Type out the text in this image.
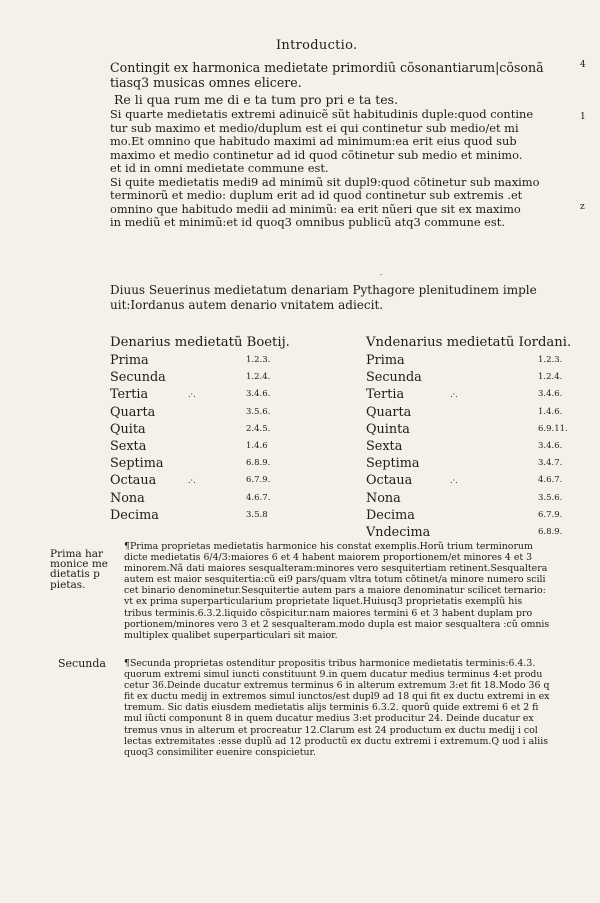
Introductio.
Contingit ex harmonica medietate primordiũ cõsonantiarum|cõsonã
tiasq3 musicas omnes elicere.
Re li qua rum me di e ta tum pro pri e ta tes.
Si quarte medietatis extremi adinuicẽ sũt habitudinis duple:quod contine
tur sub maximo et medio/duplum est ei qui continetur sub medio/et mi
mo.Et omnino que habitudo maximi ad minimum:ea erit eius quod sub
maximo et medio continetur ad id quod cõtinetur sub medio et minimo.
et id in omni medietate commune est.
Si quite medietatis medi9 ad minimũ sit dupl9:quod cõtinetur sub maximo
terminorũ et medio: duplum erit ad id quod continetur sub extremis .et
omnino que habitudo medii ad minimũ: ea erit nũeri que sit ex maximo
in mediũ et minimũ:et id quoq3 omnibus publicũ atq3 commune est.
4
1
z
·
Diuus Seuerinus medietatum denariam Pythagore plenitudinem imple
uit:Iordanus autem denario vnitatem adiecit.
Denarius medietatũ Boetij.
Prima	1.2.3.
Secunda	1.2.4.
Tertia	.·.	3.4.6.
Quarta	3.5.6.
Quita	2.4.5.
Sexta	1.4.6
Septima	6.8.9.
Octaua	.·.	6.7.9.
Nona	4.6.7.
Decima	3.5.8
Vndenarius medietatũ Iordani.
Prima	1.2.3.
Secunda	1.2.4.
Tertia	.·.	3.4.6.
Quarta	1.4.6.
Quinta	6.9.11.
Sexta	3.4.6.
Septima	3.4.7.
Octaua	.·.	4.6.7.
Nona	3.5.6.
Decima	6.7.9.
Vndecima	6.8.9.
Prima har monice me dietatis p pietas.
¶Prima proprietas medietatis harmonice his constat exemplis.Horũ trium terminorum
dicte medietatis 6/4/3:maiores 6 et 4 habent maiorem proportionem/et minores 4 et 3
minorem.Nã dati maiores sesqualteram:minores vero sesquitertiam retinent.Sesqualtera
autem est maior sesquitertia:cũ ei9 pars/quam vltra totum cõtinet/a minore numero scili
cet binario denominetur.Sesquitertie autem pars a maiore denominatur scilicet ternario:
vt ex prima superparticularium proprietate liquet.Huiusq3 proprietatis exemplũ his
tribus terminis.6.3.2.liquido cõspicitur.nam maiores termini 6 et 3 habent duplam pro
portionem/minores vero 3 et 2 sesqualteram.modo dupla est maior sesqualtera :cũ omnis
multiplex qualibet superparticulari sit maior.
Secunda ¶Secunda proprietas ostenditur propositis tribus harmonice medietatis terminis:6.4.3.
quorum extremi simul iuncti constituunt 9.in quem ducatur medius terminus 4:et produ
cetur 36.Deinde ducatur extremus terminus 6 in alterum extremum 3:et fit 18.Modo 36 q
fit ex ductu medij in extremos simul iunctos/est dupl9 ad 18 qui fit ex ductu extremi in ex
tremum. Sic datis eiusdem medietatis alijs terminis 6.3.2. quorũ quide extremi 6 et 2 fi
mul iũcti componunt 8 in quem ducatur medius 3:et producitur 24. Deinde ducatur ex
tremus vnus in alterum et procreatur 12.Clarum est 24 productum ex ductu medij i col
lectas extremitates :esse duplũ ad 12 productũ ex ductu extremi i extremum.Q uod i aliis
quoq3 consimiliter euenire conspicietur.
